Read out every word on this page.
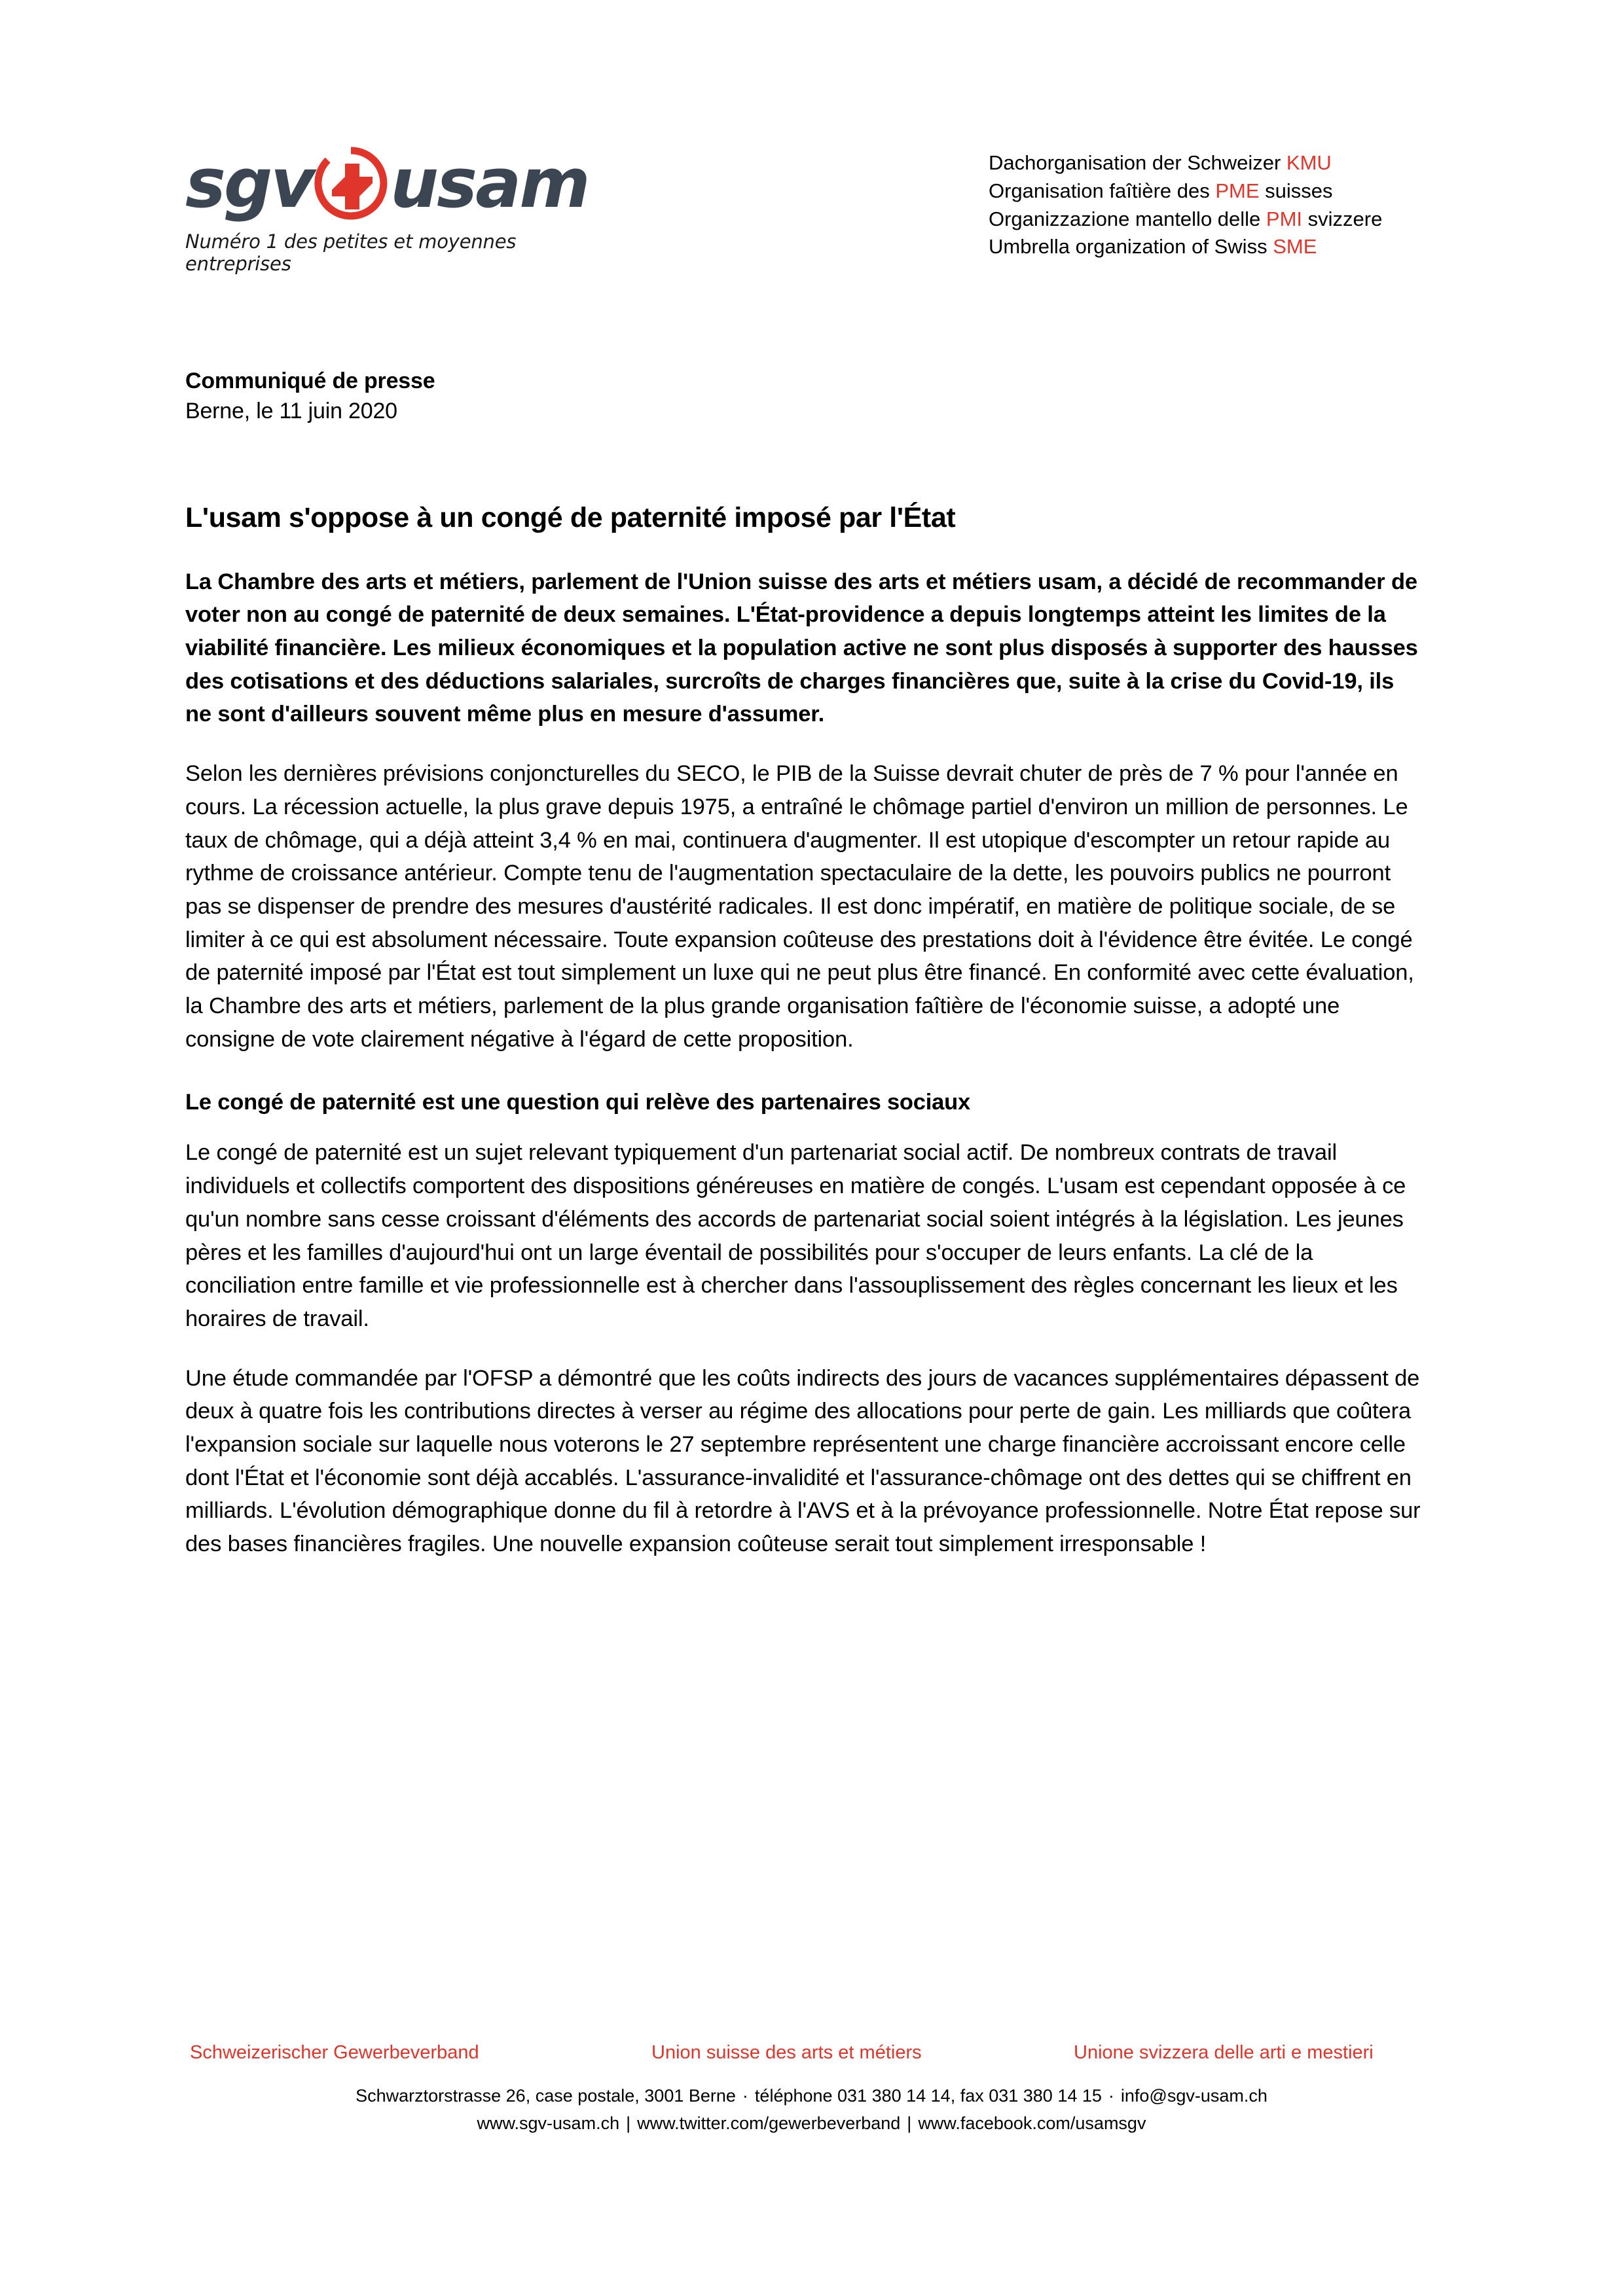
sgv usam
Numéro 1 des petites et moyennes entreprises
Dachorganisation der Schweizer KMU
Organisation faîtière des PME suisses
Organizzazione mantello delle PMI svizzere
Umbrella organization of Swiss SME
Communiqué de presse
Berne, le 11 juin 2020
L'usam s'oppose à un congé de paternité imposé par l'État

La Chambre des arts et métiers, parlement de l'Union suisse des arts et métiers usam, a décidé de recommander de voter non au congé de paternité de deux semaines. L'État-providence a depuis longtemps atteint les limites de la viabilité financière. Les milieux économiques et la population active ne sont plus disposés à supporter des hausses des cotisations et des déductions salariales, surcroîts de charges financières que, suite à la crise du Covid-19, ils ne sont d'ailleurs souvent même plus en mesure d'assumer.

Selon les dernières prévisions conjoncturelles du SECO, le PIB de la Suisse devrait chuter de près de 7 % pour l'année en cours. La récession actuelle, la plus grave depuis 1975, a entraîné le chômage partiel d'environ un million de personnes. Le taux de chômage, qui a déjà atteint 3,4 % en mai, continuera d'augmenter. Il est utopique d'escompter un retour rapide au rythme de croissance antérieur. Compte tenu de l'augmentation spectaculaire de la dette, les pouvoirs publics ne pourront pas se dispenser de prendre des mesures d'austérité radicales. Il est donc impératif, en matière de politique sociale, de se limiter à ce qui est absolument nécessaire. Toute expansion coûteuse des prestations doit à l'évidence être évitée. Le congé de paternité imposé par l'État est tout simplement un luxe qui ne peut plus être financé. En conformité avec cette évaluation, la Chambre des arts et métiers, parlement de la plus grande organisation faîtière de l'économie suisse, a adopté une consigne de vote clairement négative à l'égard de cette proposition.

Le congé de paternité est une question qui relève des partenaires sociaux

Le congé de paternité est un sujet relevant typiquement d'un partenariat social actif. De nombreux contrats de travail individuels et collectifs comportent des dispositions généreuses en matière de congés. L'usam est cependant opposée à ce qu'un nombre sans cesse croissant d'éléments des accords de partenariat social soient intégrés à la législation. Les jeunes pères et les familles d'aujourd'hui ont un large éventail de possibilités pour s'occuper de leurs enfants. La clé de la conciliation entre famille et vie professionnelle est à chercher dans l'assouplissement des règles concernant les lieux et les horaires de travail.

Une étude commandée par l'OFSP a démontré que les coûts indirects des jours de vacances supplémentaires dépassent de deux à quatre fois les contributions directes à verser au régime des allocations pour perte de gain. Les milliards que coûtera l'expansion sociale sur laquelle nous voterons le 27 septembre représentent une charge financière accroissant encore celle dont l'État et l'économie sont déjà accablés. L'assurance-invalidité et l'assurance-chômage ont des dettes qui se chiffrent en milliards. L'évolution démographique donne du fil à retordre à l'AVS et à la prévoyance professionnelle. Notre État repose sur des bases financières fragiles. Une nouvelle expansion coûteuse serait tout simplement irresponsable !

Schweizerischer Gewerbeverband	Union suisse des arts et métiers	Unione svizzera delle arti e mestieri
Schwarztorstrasse 26, case postale, 3001 Berne · téléphone 031 380 14 14, fax 031 380 14 15 · info@sgv-usam.ch
www.sgv-usam.ch | www.twitter.com/gewerbeverband | www.facebook.com/usamsgv
